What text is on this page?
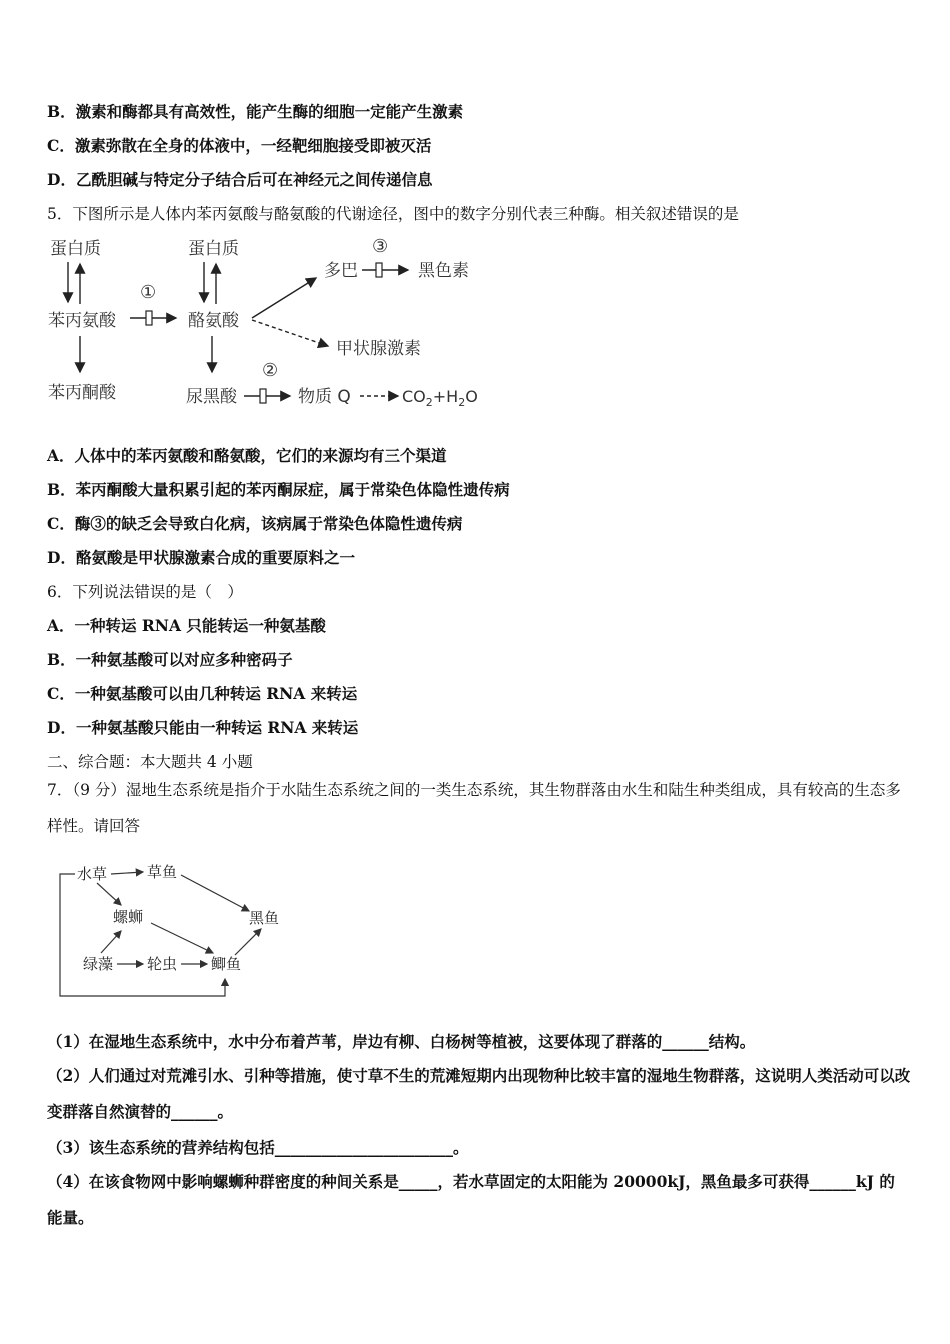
B．激素和酶都具有高效性，能产生酶的细胞一定能产生激素
C．激素弥散在全身的体液中，一经靶细胞接受即被灭活
D．乙酰胆碱与特定分子结合后可在神经元之间传递信息
5．下图所示是人体内苯丙氨酸与酪氨酸的代谢途径，图中的数字分别代表三种酶。相关叙述错误的是
蛋白质	蛋白质
苯丙氨酸	酪氨酸
苯丙酮酸	尿黑酸
多巴	黑色素
甲状腺激素
物质 Q	$CO_2+H_2O$
①
②
③
A．人体中的苯丙氨酸和酪氨酸，它们的来源均有三个渠道
B．苯丙酮酸大量积累引起的苯丙酮尿症，属于常染色体隐性遗传病
C．酶③的缺乏会导致白化病，该病属于常染色体隐性遗传病
D．酪氨酸是甲状腺激素合成的重要原料之一
6．下列说法错误的是（　）
A．一种转运 RNA 只能转运一种氨基酸
B．一种氨基酸可以对应多种密码子
C．一种氨基酸可以由几种转运 RNA 来转运
D．一种氨基酸只能由一种转运 RNA 来转运
二、综合题：本大题共 4 小题
7．（9 分）湿地生态系统是指介于水陆生态系统之间的一类生态系统，其生物群落由水生和陆生种类组成，具有较高的生态多样性。请回答
水草	草鱼
螺蛳	黑鱼
绿藻 轮虫 鲫鱼
（1）在湿地生态系统中，水中分布着芦苇，岸边有柳、白杨树等植被，这要体现了群落的______结构。
（2）人们通过对荒滩引水、引种等措施，使寸草不生的荒滩短期内出现物种比较丰富的湿地生物群落，这说明人类活动可以改变群落自然演替的______。
（3）该生态系统的营养结构包括_______________________。
（4）在该食物网中影响螺蛳种群密度的种间关系是_____，若水草固定的太阳能为 20000kJ，黑鱼最多可获得______kJ 的能量。
